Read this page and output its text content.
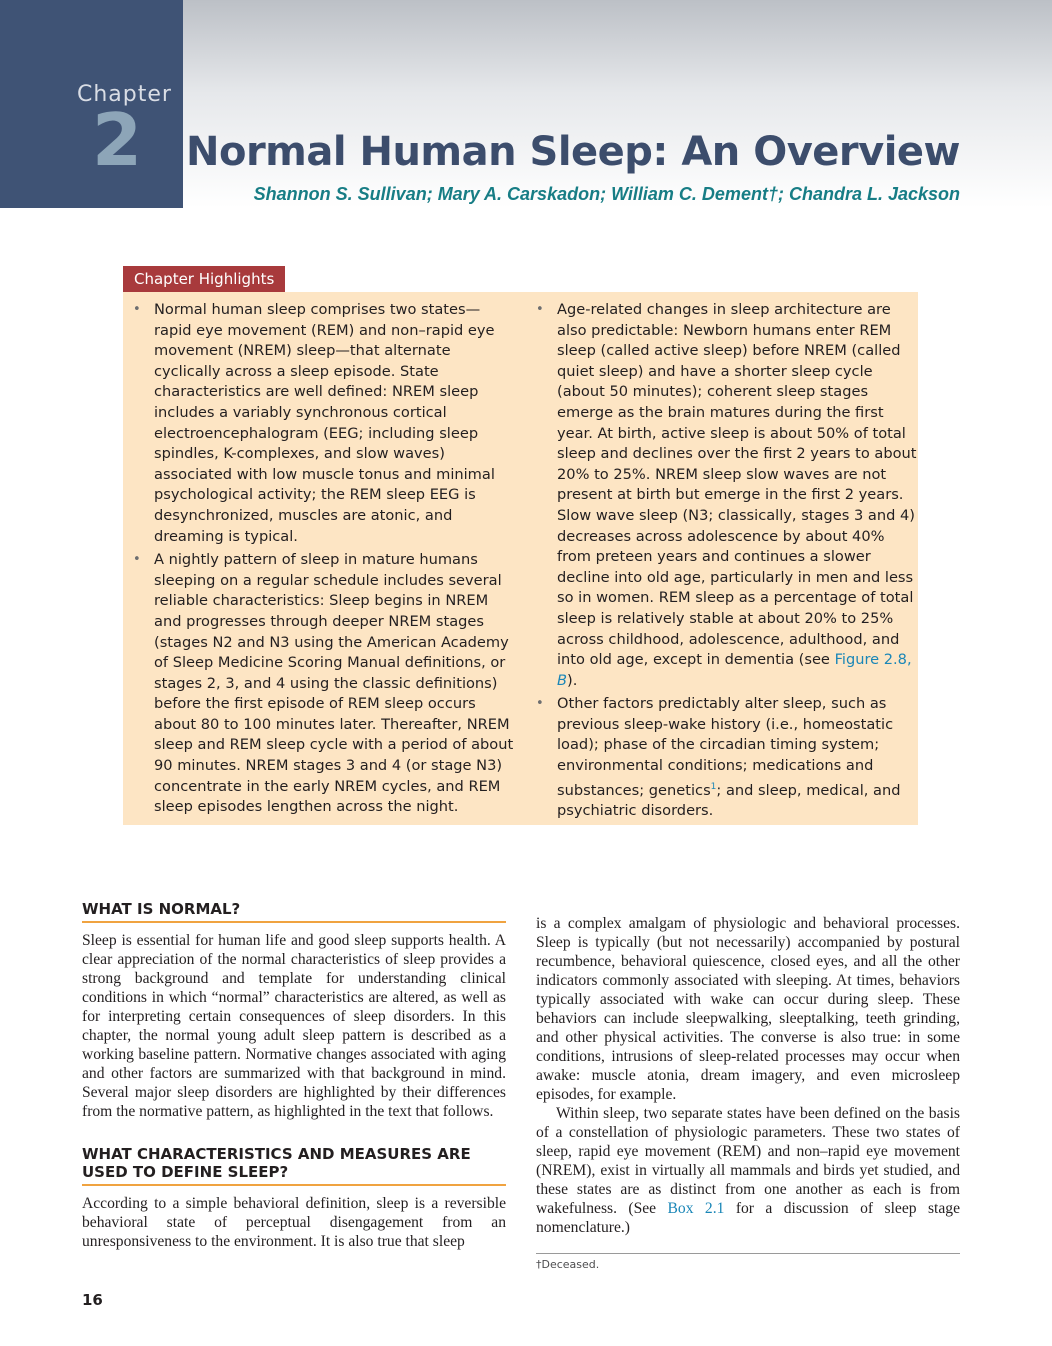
Chapter
2 Normal Human Sleep: An Overview
Shannon S. Sullivan; Mary A. Carskadon; William C. Dement†; Chandra L. Jackson
Chapter Highlights
• Normal human sleep comprises two states— rapid eye movement (REM) and non–rapid eye movement (NREM) sleep—that alternate cyclically across a sleep episode. State characteristics are well defined: NREM sleep includes a variably synchronous cortical electroencephalogram (EEG; including sleep spindles, K-complexes, and slow waves) associated with low muscle tonus and minimal psychological activity; the REM sleep EEG is desynchronized, muscles are atonic, and dreaming is typical.
• A nightly pattern of sleep in mature humans sleeping on a regular schedule includes several reliable characteristics: Sleep begins in NREM and progresses through deeper NREM stages (stages N2 and N3 using the American Academy of Sleep Medicine Scoring Manual definitions, or stages 2, 3, and 4 using the classic definitions) before the first episode of REM sleep occurs about 80 to 100 minutes later. Thereafter, NREM sleep and REM sleep cycle with a period of about 90 minutes. NREM stages 3 and 4 (or stage N3) concentrate in the early NREM cycles, and REM sleep episodes lengthen across the night.
• Age-related changes in sleep architecture are also predictable: Newborn humans enter REM sleep (called active sleep) before NREM (called quiet sleep) and have a shorter sleep cycle (about 50 minutes); coherent sleep stages emerge as the brain matures during the first year. At birth, active sleep is about 50% of total sleep and declines over the first 2 years to about 20% to 25%. NREM sleep slow waves are not present at birth but emerge in the first 2 years. Slow wave sleep (N3; classically, stages 3 and 4) decreases across adolescence by about 40% from preteen years and continues a slower decline into old age, particularly in men and less so in women. REM sleep as a percentage of total sleep is relatively stable at about 20% to 25% across childhood, adolescence, adulthood, and into old age, except in dementia (see Figure 2.8, B).
• Other factors predictably alter sleep, such as previous sleep-wake history (i.e., homeostatic load); phase of the circadian timing system; environmental conditions; medications and substances; genetics$^1$; and sleep, medical, and psychiatric disorders.
WHAT IS NORMAL?

Sleep is essential for human life and good sleep supports health. A clear appreciation of the normal characteristics of sleep provides a strong background and template for understanding clinical conditions in which “normal” characteristics are altered, as well as for interpreting certain consequences of sleep disorders. In this chapter, the normal young adult sleep pattern is described as a working baseline pattern. Normative changes associated with aging and other factors are summarized with that background in mind. Several major sleep disorders are highlighted by their differences from the normative pattern, as highlighted in the text that follows.

WHAT CHARACTERISTICS AND MEASURES ARE USED TO DEFINE SLEEP?

According to a simple behavioral definition, sleep is a reversible behavioral state of perceptual disengagement from an unresponsiveness to the environment. It is also true that sleep

is a complex amalgam of physiologic and behavioral processes. Sleep is typically (but not necessarily) accompanied by postural recumbence, behavioral quiescence, closed eyes, and all the other indicators commonly associated with sleeping. At times, behaviors typically associated with wake can occur during sleep. These behaviors can include sleepwalking, sleeptalking, teeth grinding, and other physical activities. The converse is also true: in some conditions, intrusions of sleep-related processes may occur when awake: muscle atonia, dream imagery, and even microsleep episodes, for example.

Within sleep, two separate states have been defined on the basis of a constellation of physiologic parameters. These two states of sleep, rapid eye movement (REM) and non–rapid eye movement (NREM), exist in virtually all mammals and birds yet studied, and these states are as distinct from one another as each is from wakefulness. (See Box 2.1 for a discussion of sleep stage nomenclature.)

†Deceased.
16
